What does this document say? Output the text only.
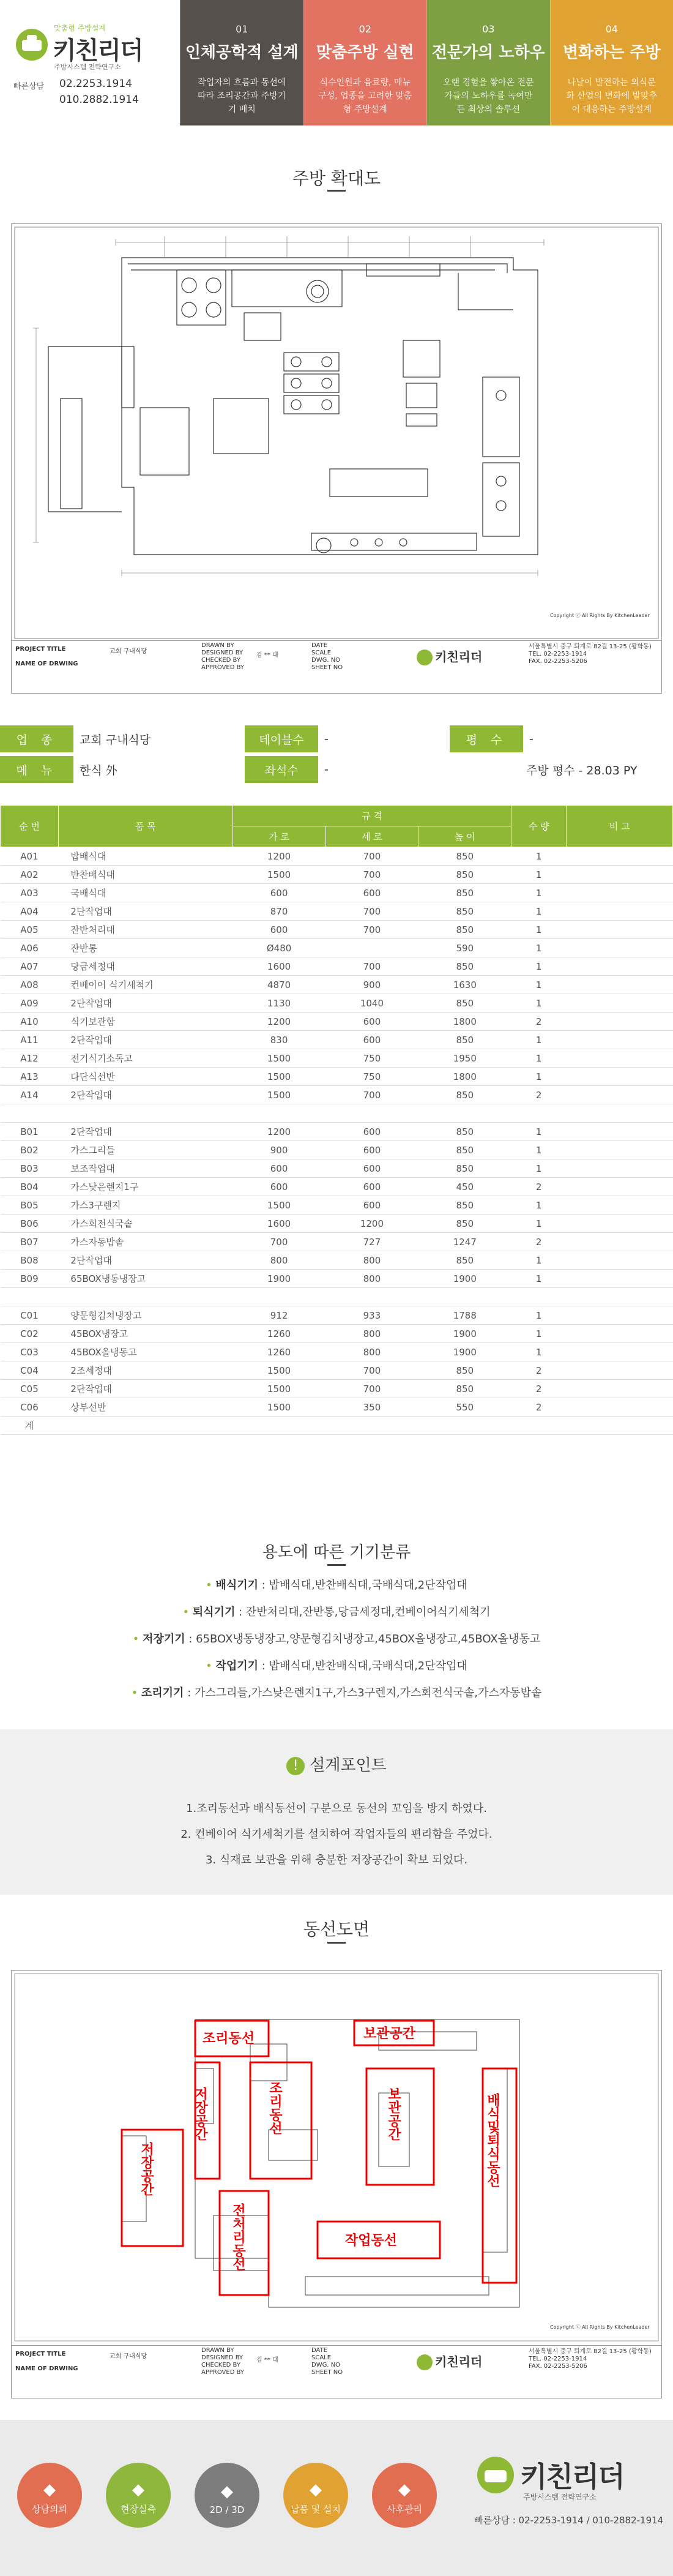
맞춤형 주방설계
키친리더
주방시스템 전략연구소
빠른상담 02.2253.1914
010.2882.1914
01
인체공학적 설계
작업자의 흐름과 동선에 따라 조리공간과 주방기기 배치
02
맞춤주방 실현
식수인원과 음료량, 메뉴구성, 업종을 고려한 맞춤형 주방설계
03
전문가의 노하우
오랜 경험을 쌓아온 전문가들의 노하우를 녹여만든 최상의 솔루션
04
변화하는 주방
나날이 발전하는 외식문화 산업의 변화에 발맞추어 대응하는 주방설계
주방 확대도
Copyright ⓒ All Rights By KitchenLeader
PROJECT TITLE
NAME OF DRWING
교회 구내식당
DRAWN BY
DESIGNED BY
CHECKED BY
APPROVED BY
김 ** 대
DATE
SCALE
DWG. NO
SHEET NO
키친리더
서울특별시 중구 퇴계로 82길 13-25 (황학동)
TEL. 02-2253-1914
FAX. 02-2253-5206
업 종	교회 구내식당	테이블수	-	평 수	-
메 뉴	한식 外	좌석수	-	주방 평수 - 28.03 PY
순 번	품 목	규 격			수 량	비 고
		가 로	세 로	높 이		
A01	밥배식대	1200	700	850	1	
A02	반찬배식대	1500	700	850	1	
A03	국배식대	600	600	850	1	
A04	2단작업대	870	700	850	1	
A05	잔반처리대	600	700	850	1	
A06	잔반통	Ø480		590	1	
A07	당금세정대	1600	700	850	1	
A08	컨베이어 식기세척기	4870	900	1630	1	
A09	2단작업대	1130	1040	850	1	
A10	식기보관함	1200	600	1800	2	
A11	2단작업대	830	600	850	1	
A12	전기식기소독고	1500	750	1950	1	
A13	다단식선반	1500	750	1800	1	
A14	2단작업대	1500	700	850	2	

B01	2단작업대	1200	600	850	1	
B02	가스그리들	900	600	850	1	
B03	보조작업대	600	600	850	1	
B04	가스낮은렌지1구	600	600	450	2	
B05	가스3구렌지	1500	600	850	1	
B06	가스회전식국솥	1600	1200	850	1	
B07	가스자동밥솥	700	727	1247	2	
B08	2단작업대	800	800	850	1	
B09	65BOX냉동냉장고	1900	800	1900	1	

C01	양문형김치냉장고	912	933	1788	1	
C02	45BOX냉장고	1260	800	1900	1	
C03	45BOX올냉동고	1260	800	1900	1	
C04	2조세정대	1500	700	850	2	
C05	2단작업대	1500	700	850	2	
C06	상부선반	1500	350	550	2	
계						
용도에 따른 기기분류
• 배식기기 : 밥배식대,반찬배식대,국배식대,2단작업대
• 퇴식기기 : 잔반처리대,잔반통,당금세정대,컨베이어식기세척기
• 저장기기 : 65BOX냉동냉장고,양문형김치냉장고,45BOX올냉장고,45BOX올냉동고
• 작업기기 : 밥배식대,반찬배식대,국배식대,2단작업대
• 조리기기 : 가스그리들,가스낮은렌지1구,가스3구렌지,가스회전식국솥,가스자동밥솥
! 설계포인트
1.조리동선과 배식동선이 구분으로 동선의 꼬임을 방지 하였다.
2. 컨베이어 식기세척기를 설치하여 작업자들의 편리함을 주었다.
3. 식재료 보관을 위해 충분한 저장공간이 확보 되었다.
동선도면
조리동선	보관공간
저장공간	조리동선	보관공간	배식및퇴식동선
저장공간
전처리동선	작업동선
Copyright ⓒ All Rights By KitchenLeader
PROJECT TITLE
NAME OF DRWING
교회 구내식당
DRAWN BY
DESIGNED BY
CHECKED BY
APPROVED BY
김 ** 대
DATE
SCALE
DWG. NO
SHEET NO
키친리더
서울특별시 중구 퇴계로 82길 13-25 (황학동)
TEL. 02-2253-1914
FAX. 02-2253-5206
◆
상담의뢰
◆
현장실측
◆
2D / 3D
◆
납품 및 설치
◆
사후관리
키친리더
주방시스템 전략연구소
빠른상담 : 02-2253-1914 / 010-2882-1914
